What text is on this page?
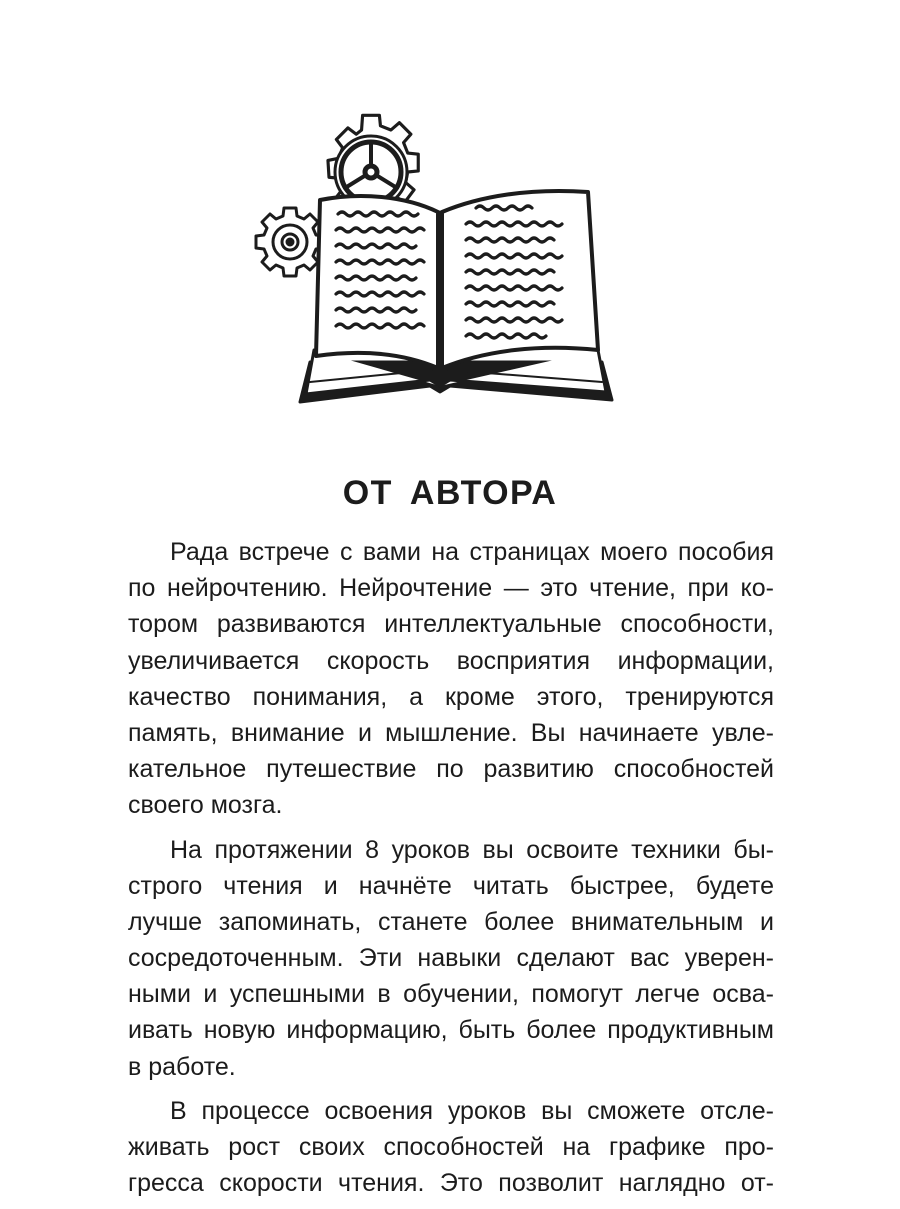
ОТ АВТОРА

Рада встрече с вами на страницах моего пособия
по нейрочтению. Нейрочтение — это чтение, при ко-
тором развиваются интеллектуальные способности,
увеличивается скорость восприятия информации,
качество понимания, а кроме этого, тренируются
память, внимание и мышление. Вы начинаете увле-
кательное путешествие по развитию способностей
своего мозга.

На протяжении 8 уроков вы освоите техники бы-
строго чтения и начнёте читать быстрее, будете
лучше запоминать, станете более внимательным и
сосредоточенным. Эти навыки сделают вас уверен-
ными и успешными в обучении, помогут легче осва-
ивать новую информацию, быть более продуктивным
в работе.

В процессе освоения уроков вы сможете отсле-
живать рост своих способностей на графике про-
гресса скорости чтения. Это позволит наглядно от-
